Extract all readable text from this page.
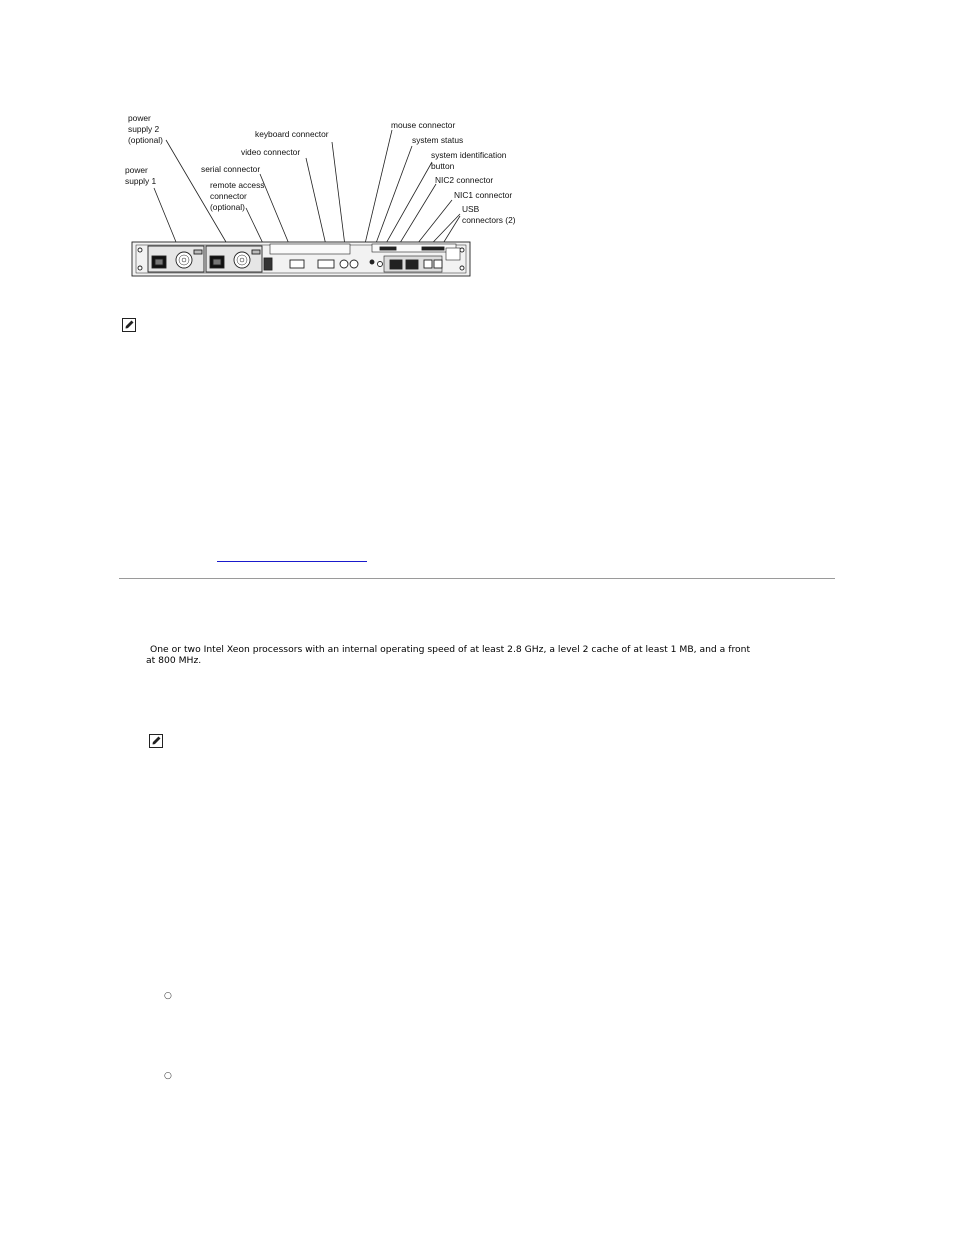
power
supply 2
(optional)
power
supply 1
serial connector
remote access
connector
(optional)
video connector
keyboard connector
mouse connector
system status
system identification
button
NIC2 connector
NIC1 connector
USB
connectors (2)
One or two Intel Xeon processors with an internal operating speed of at least 2.8 GHz, a level 2 cache of at least 1 MB, and a front
at 800 MHz.
○
○
